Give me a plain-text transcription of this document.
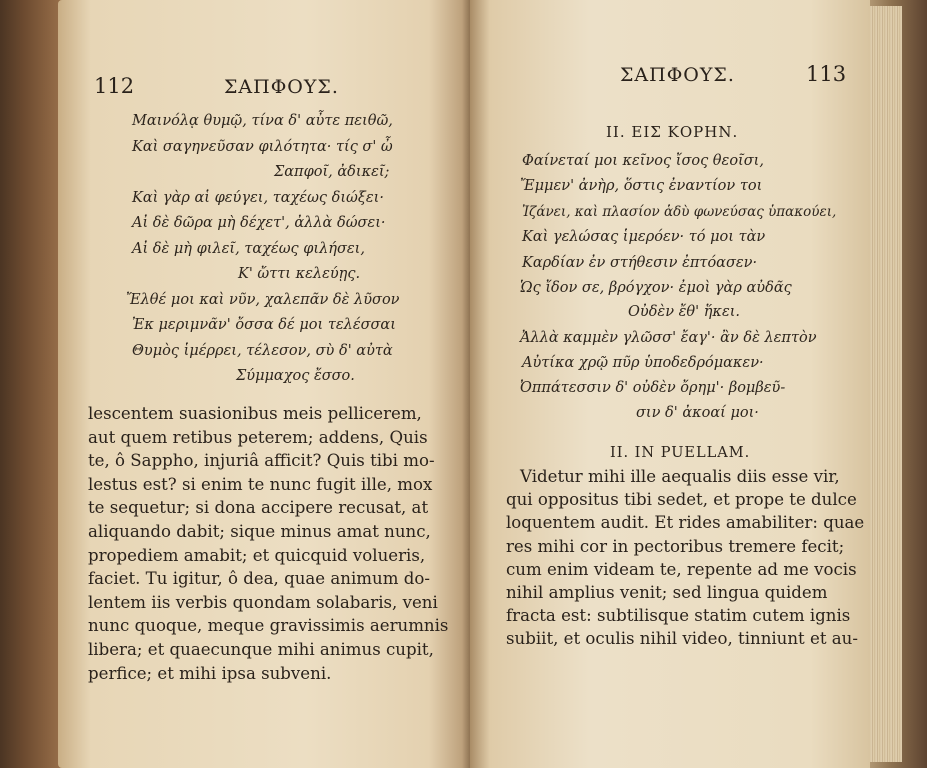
112	ΣΑΠΦΟΥΣ.
Μαινόλᾳ θυμῷ, τίνα δ' αὖτε πειθῶ,
Καὶ σαγηνεῦσαν φιλότητα· τίς σ' ὦ
Σαπφοῖ, ἀδικεῖ;
Καὶ γὰρ αἱ φεύγει, ταχέως διώξει·
Αἰ δὲ δῶρα μὴ δέχετ', ἀλλὰ δώσει·
Αἰ δὲ μὴ φιλεῖ, ταχέως φιλήσει,
Κ' ὤττι κελεύῃς.
Ἔλθέ μοι καὶ νῦν, χαλεπᾶν δὲ λῦσον
Ἐκ μεριμνᾶν' ὄσσα δέ μοι τελέσσαι
Θυμὸς ἱμέρρει, τέλεσον, σὺ δ' αὐτὰ
Σύμμαχος ἔσσο.
lescentem suasionibus meis pellicerem,
aut quem retibus peterem; addens, Quis
te, ô Sappho, injuriâ afficit? Quis tibi mo-
lestus est? si enim te nunc fugit ille, mox
te sequetur; si dona accipere recusat, at
aliquando dabit; sique minus amat nunc,
propediem amabit; et quicquid volueris,
faciet. Tu igitur, ô dea, quae animum do-
lentem iis verbis quondam solabaris, veni
nunc quoque, meque gravissimis aerumnis
libera; et quaecunque mihi animus cupit,
perfice; et mihi ipsa subveni.
ΣΑΠΦΟΥΣ.	113
II. ΕΙΣ ΚΟΡΗΝ.
Φαίνεταί μοι κεῖνος ἴσος θεοῖσι,
Ἔμμεν' ἀνὴρ, ὅστις ἐναντίον τοι
Ἰζάνει, καὶ πλασίον ἁδὺ φωνεύσας ὑπακούει,
Καὶ γελώσας ἱμερόεν· τό μοι τὰν
Καρδίαν ἐν στήθεσιν ἐπτόασεν·
Ὡς ἴδον σε, βρόγχον· ἐμοὶ γὰρ αὐδᾶς
Οὐδὲν ἔθ' ἥκει.
Ἀλλὰ καμμὲν γλῶσσ' ἔαγ'· ἂν δὲ λεπτὸν
Αὐτίκα χρῷ πῦρ ὑποδεδρόμακεν·
Ὀππάτεσσιν δ' οὐδὲν ὄρημ'· βομβεῦ-
σιν δ' ἀκοαί μοι·
II. IN PUELLAM.
Videtur mihi ille aequalis diis esse vir,
qui oppositus tibi sedet, et prope te dulce
loquentem audit. Et rides amabiliter: quae
res mihi cor in pectoribus tremere fecit;
cum enim videam te, repente ad me vocis
nihil amplius venit; sed lingua quidem
fracta est: subtilisque statim cutem ignis
subiit, et oculis nihil video, tinniunt et au-
